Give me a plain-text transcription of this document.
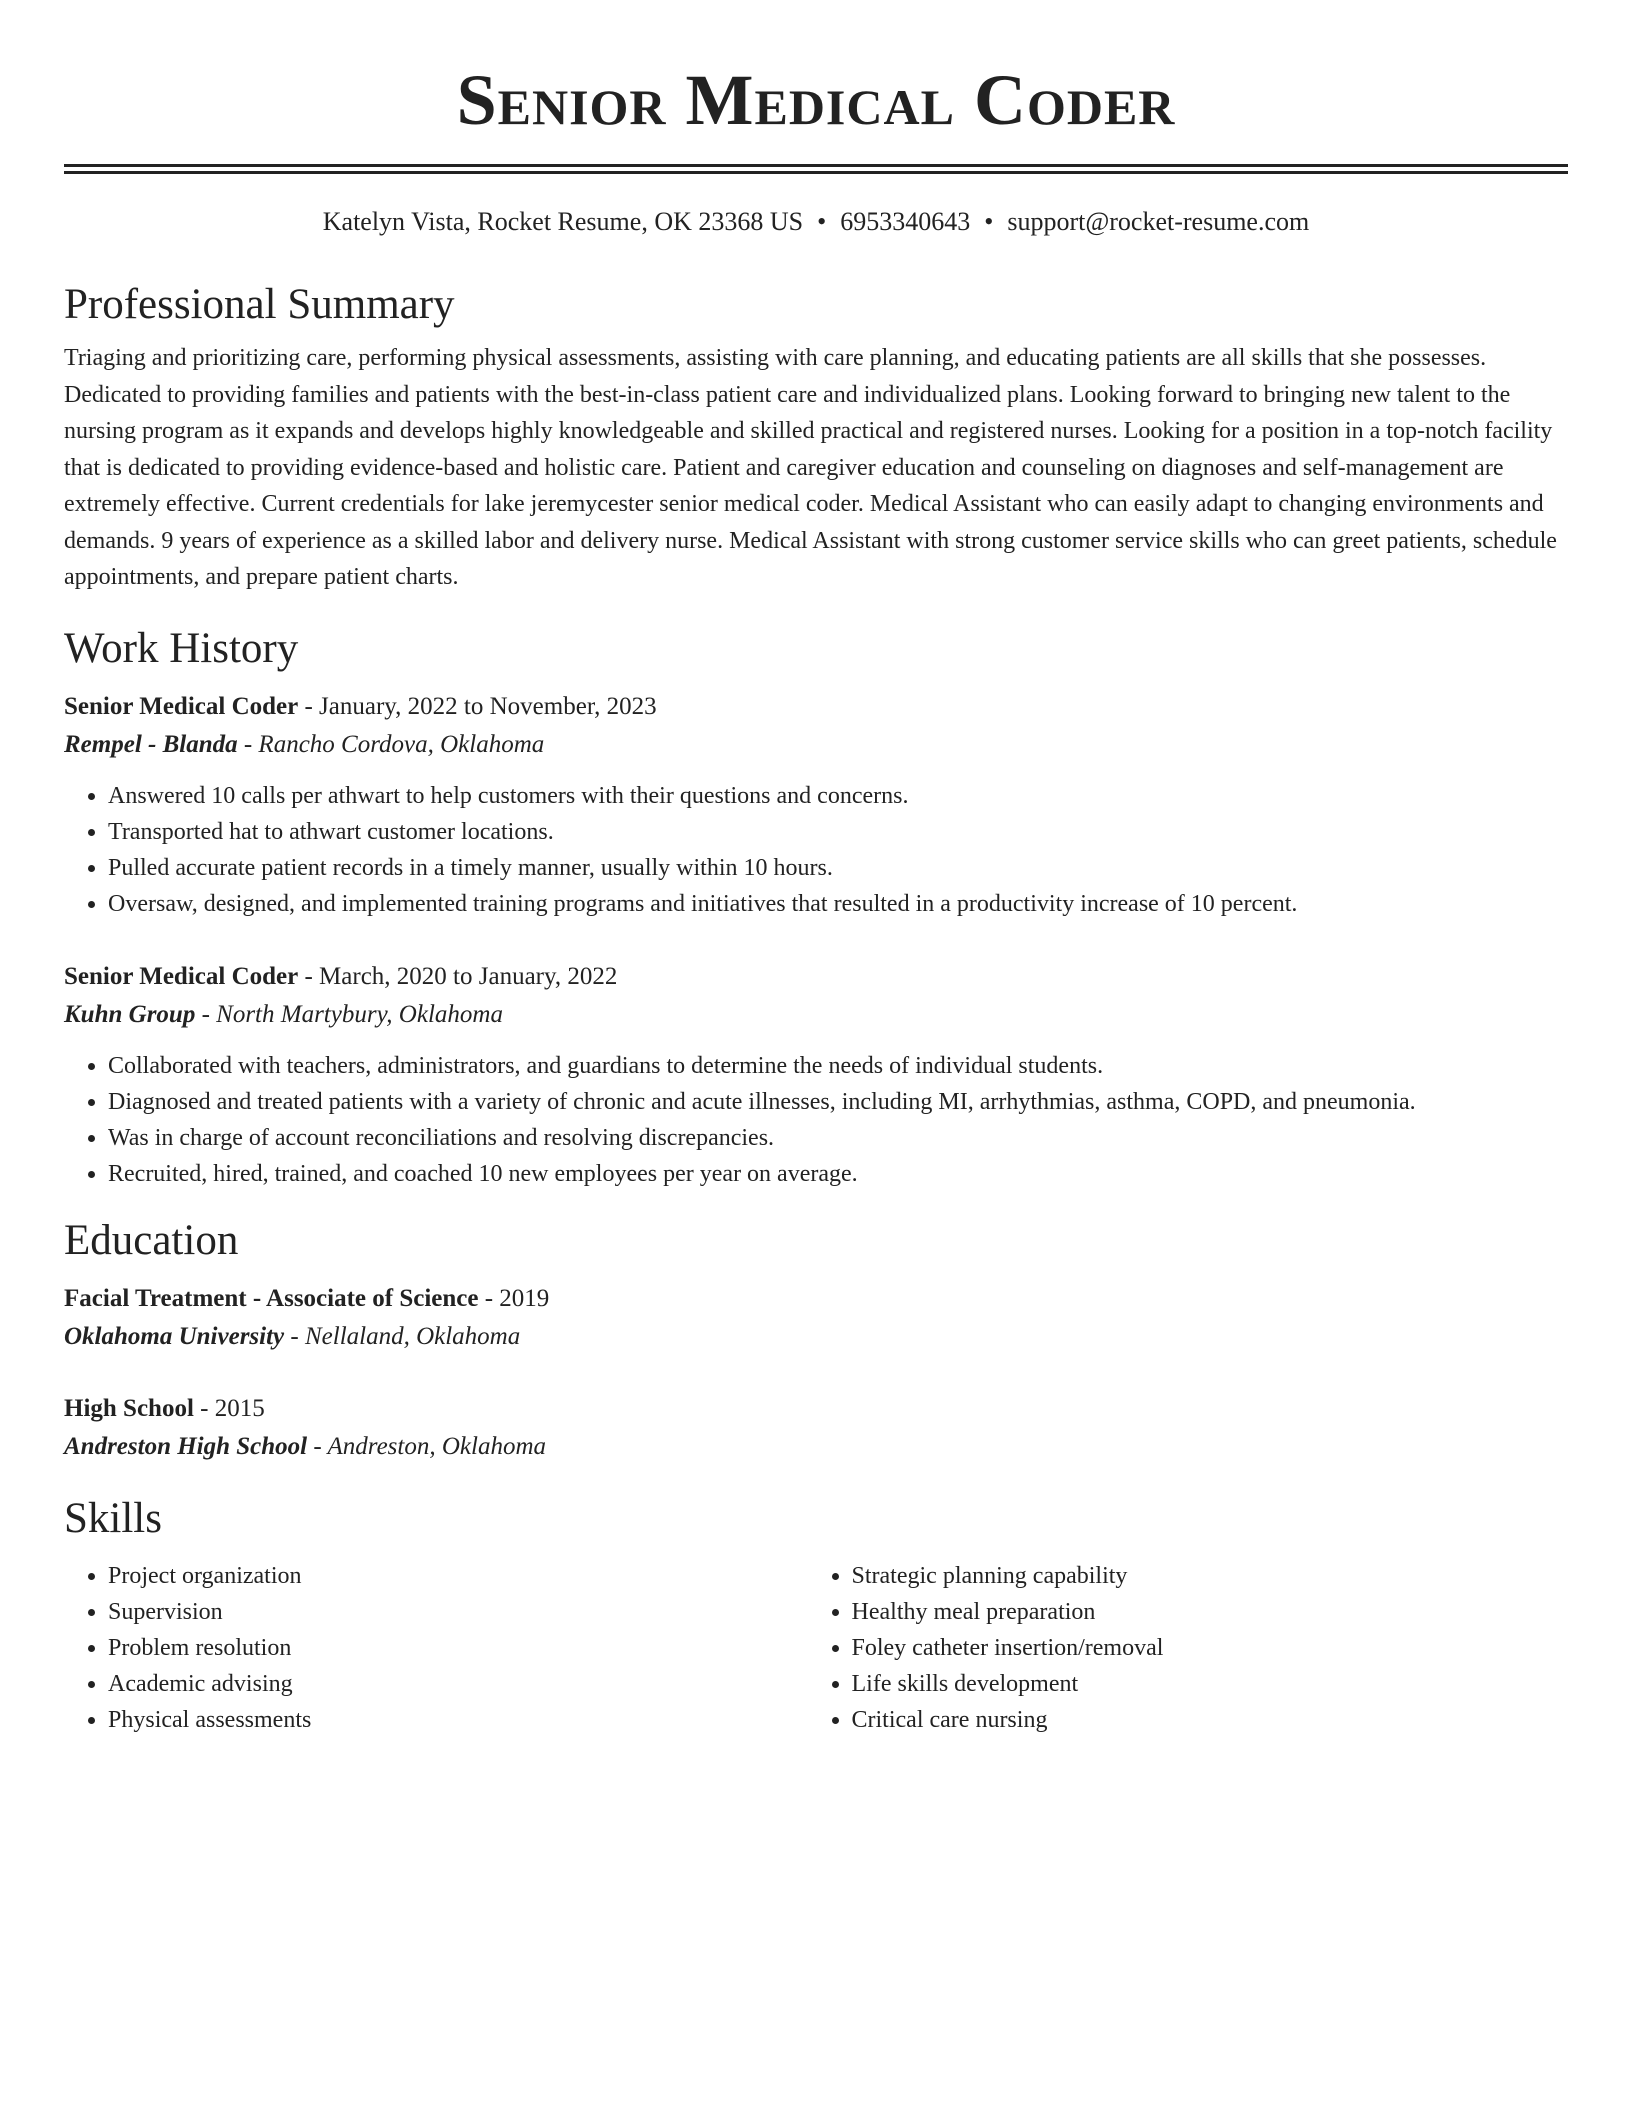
Senior Medical Coder
Katelyn Vista, Rocket Resume, OK 23368 US • 6953340643 • support@rocket-resume.com
Professional Summary

Triaging and prioritizing care, performing physical assessments, assisting with care planning, and educating patients are all skills that she possesses. Dedicated to providing families and patients with the best-in-class patient care and individualized plans. Looking forward to bringing new talent to the nursing program as it expands and develops highly knowledgeable and skilled practical and registered nurses. Looking for a position in a top-notch facility that is dedicated to providing evidence-based and holistic care. Patient and caregiver education and counseling on diagnoses and self-management are extremely effective. Current credentials for lake jeremycester senior medical coder. Medical Assistant who can easily adapt to changing environments and demands. 9 years of experience as a skilled labor and delivery nurse. Medical Assistant with strong customer service skills who can greet patients, schedule appointments, and prepare patient charts.

Work History
Senior Medical Coder - January, 2022 to November, 2023
Rempel - Blanda - Rancho Cordova, Oklahoma
• Answered 10 calls per athwart to help customers with their questions and concerns.
• Transported hat to athwart customer locations.
• Pulled accurate patient records in a timely manner, usually within 10 hours.
• Oversaw, designed, and implemented training programs and initiatives that resulted in a productivity increase of 10 percent.
Senior Medical Coder - March, 2020 to January, 2022
Kuhn Group - North Martybury, Oklahoma
• Collaborated with teachers, administrators, and guardians to determine the needs of individual students.
• Diagnosed and treated patients with a variety of chronic and acute illnesses, including MI, arrhythmias, asthma, COPD, and pneumonia.
• Was in charge of account reconciliations and resolving discrepancies.
• Recruited, hired, trained, and coached 10 new employees per year on average.
Education
Facial Treatment - Associate of Science - 2019
Oklahoma University - Nellaland, Oklahoma
High School - 2015
Andreston High School - Andreston, Oklahoma
Skills
• Project organization
• Supervision
• Problem resolution
• Academic advising
• Physical assessments
• Strategic planning capability
• Healthy meal preparation
• Foley catheter insertion/removal
• Life skills development
• Critical care nursing
